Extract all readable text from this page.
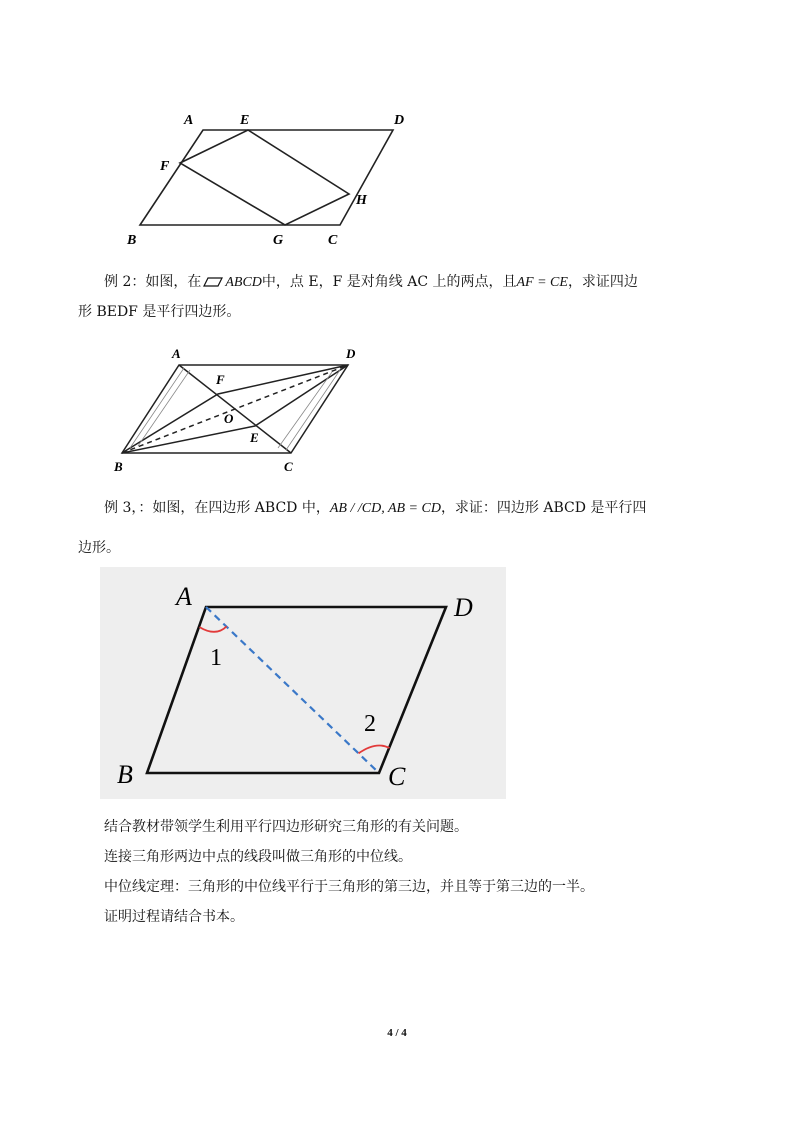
A	E	D
F
H
B	G	C

例 2：如图，在 ABCD中，点 E，F 是对角线 AC 上的两点，且AF = CE，求证四边

形 BEDF 是平行四边形。

A	D
F
O
E
B	C

例 3，：如图，在四边形 ABCD 中，AB / /CD, AB = CD，求证：四边形 ABCD 是平行四

边形。

A	D
B	C
1
2

结合教材带领学生利用平行四边形研究三角形的有关问题。

连接三角形两边中点的线段叫做三角形的中位线。

中位线定理：三角形的中位线平行于三角形的第三边，并且等于第三边的一半。

证明过程请结合书本。

4 / 4
